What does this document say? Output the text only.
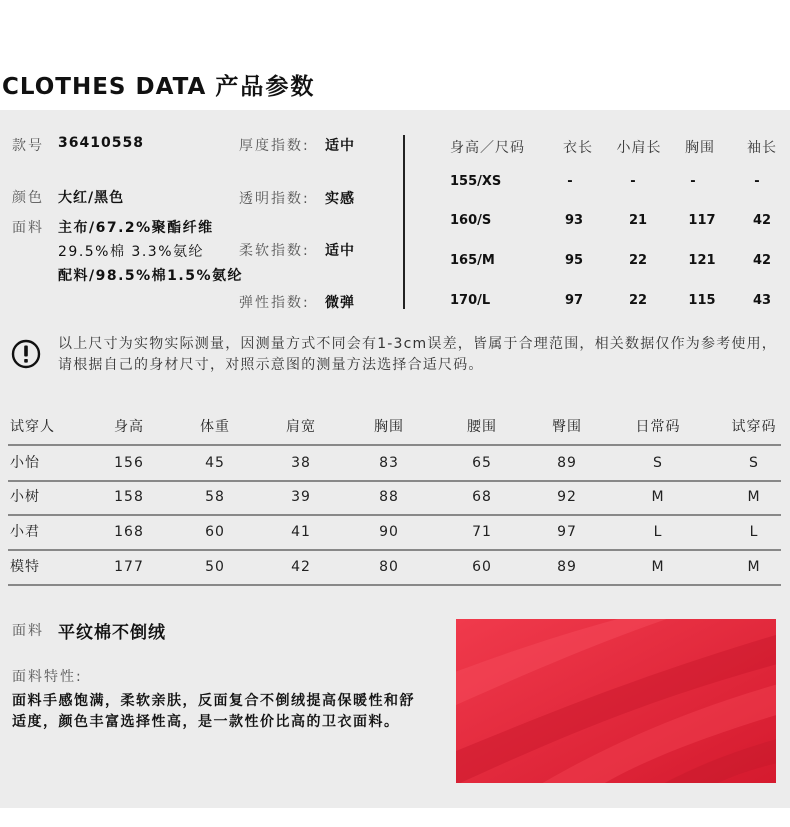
CLOTHES DATA 产品参数
款号 36410558
颜色 大红/黑色
面料 主布/67.2%聚酯纤维
29.5%棉 3.3%氨纶
配料/98.5%棉1.5%氨纶
厚度指数: 适中
透明指数: 实感
柔软指数: 适中
弹性指数: 微弹
身高／尺码	衣长 小肩长 胸围 袖长
155/XS	-	-	-	-
160/S	93	21	117	42
165/M	95	22	121	42
170/L	97	22	115	43
以上尺寸为实物实际测量，因测量方式不同会有1-3cm误差，皆属于合理范围，相关数据仅作为参考使用，请根据自己的身材尺寸，对照示意图的测量方法选择合适尺码。
试穿人	身高	体重	肩宽	胸围	腰围	臀围	日常码	试穿码
小怡	156	45	38	83	65	89	S	S
小树	158	58	39	88	68	92	M	M
小君	168	60	41	90	71	97	L	L
模特	177	50	42	80	60	89	M	M
面料 平纹棉不倒绒
面料特性:
面料手感饱满，柔软亲肤，反面复合不倒绒提高保暖性和舒适度，颜色丰富选择性高，是一款性价比高的卫衣面料。
